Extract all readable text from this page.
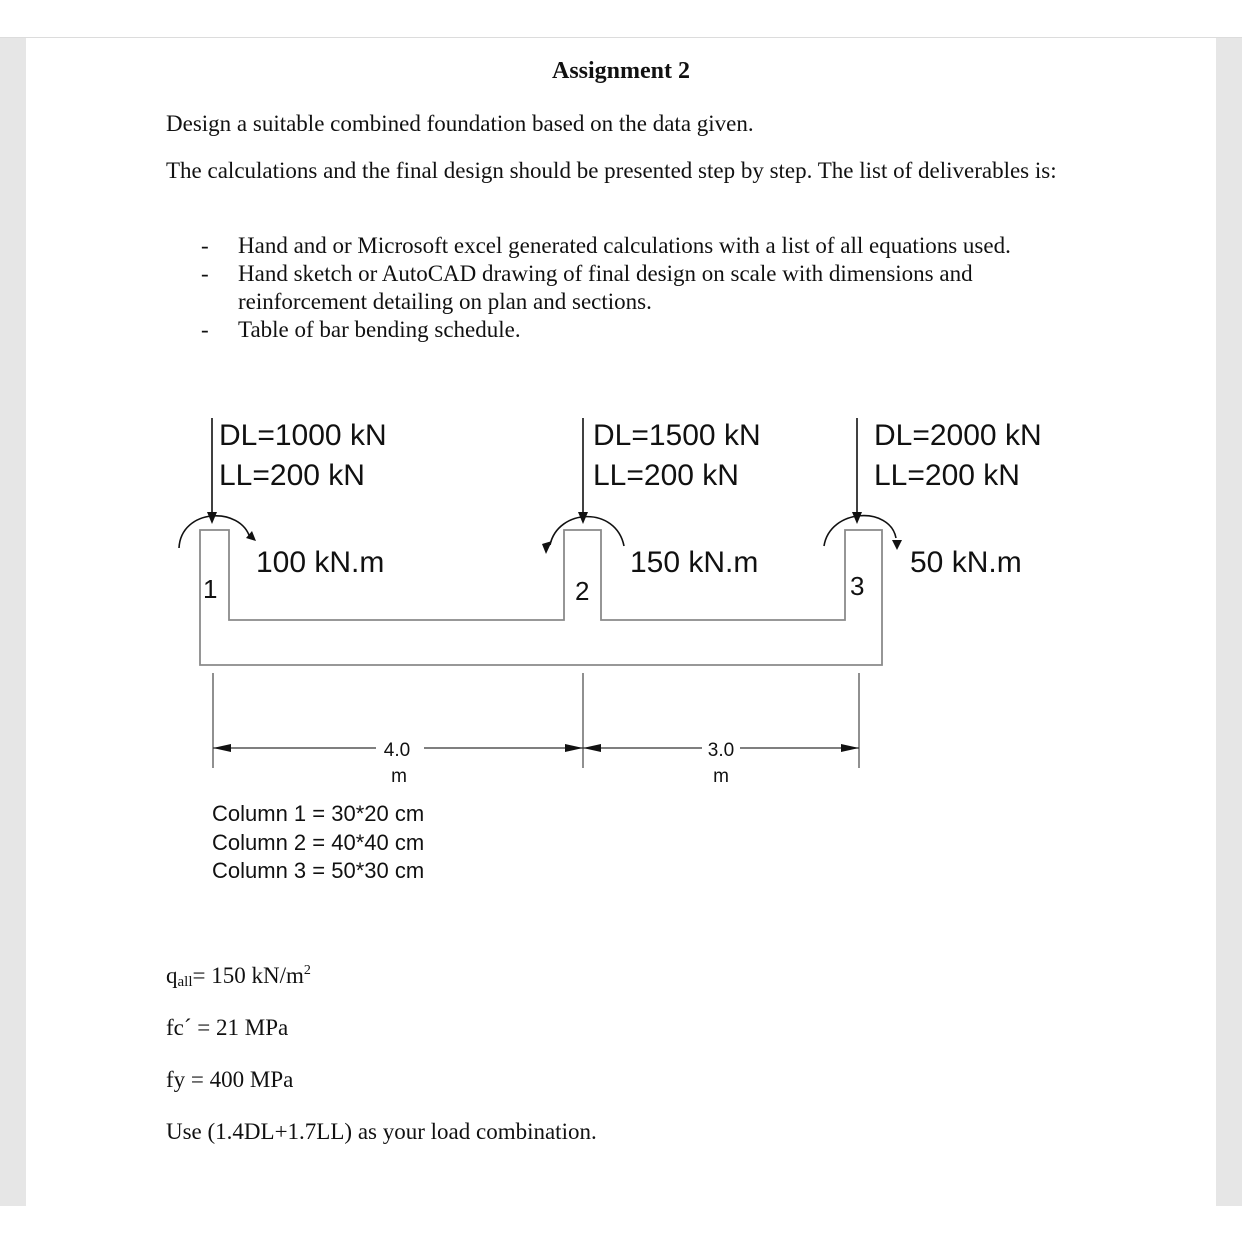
Assignment 2
Design a suitable combined foundation based on the data given.
The calculations and the final design should be presented step by step. The list of deliverables is:
- Hand and or Microsoft excel generated calculations with a list of all equations used.
- Hand sketch or AutoCAD drawing of final design on scale with dimensions and reinforcement detailing on plan and sections.
- Table of bar bending schedule.
DL=1000 kN
LL=200 kN
DL=1500 kN
LL=200 kN
DL=2000 kN
LL=200 kN
100 kN.m	150 kN.m	50 kN.m
1	2	3
4.0
m
3.0
m
Column 1 = 30*20 cm
Column 2 = 40*40 cm
Column 3 = 50*30 cm
$q_{all}= 150$ $kN/m^2$
fc´ = 21 MPa
fy = 400 MPa
Use (1.4DL+1.7LL) as your load combination.
